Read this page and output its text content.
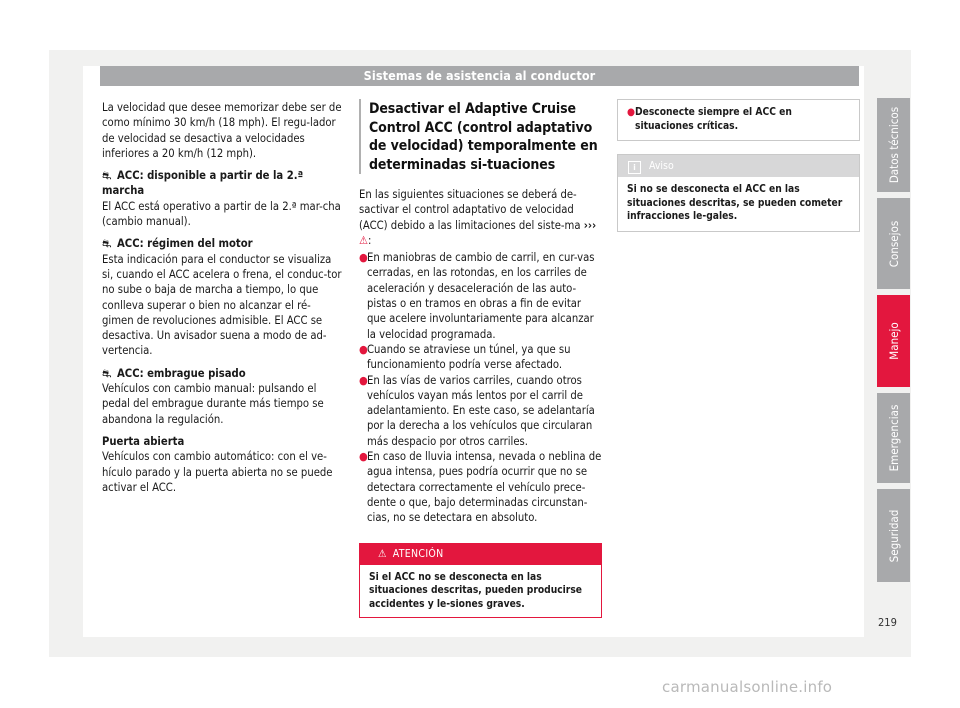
Sistemas de asistencia al conductor

La velocidad que desee memorizar debe ser de como mínimo 30 km/h (18 mph). El regu-lador de velocidad se desactiva a velocidades inferiores a 20 km/h (12 mph).

⛐ ACC: disponible a partir de la 2.ª marcha

El ACC está operativo a partir de la 2.ª mar-cha (cambio manual).

⛐ ACC: régimen del motor

Esta indicación para el conductor se visualiza si, cuando el ACC acelera o frena, el conduc-tor no sube o baja de marcha a tiempo, lo que conlleva superar o bien no alcanzar el ré-gimen de revoluciones admisible. El ACC se desactiva. Un avisador suena a modo de ad-vertencia.

⛐ ACC: embrague pisado

Vehículos con cambio manual: pulsando el pedal del embrague durante más tiempo se abandona la regulación.

Puerta abierta

Vehículos con cambio automático: con el ve-hículo parado y la puerta abierta no se puede activar el ACC.

Desactivar el Adaptive Cruise Control ACC (control adaptativo de velocidad) temporalmente en determinadas si-tuaciones

En las siguientes situaciones se deberá de-sactivar el control adaptativo de velocidad (ACC) debido a las limitaciones del siste-ma ››› ⚠:

●En maniobras de cambio de carril, en cur-vas cerradas, en las rotondas, en los carriles de aceleración y desaceleración de las auto-pistas o en tramos en obras a fin de evitar que acelere involuntariamente para alcanzar la velocidad programada.

●Cuando se atraviese un túnel, ya que su funcionamiento podría verse afectado.

●En las vías de varios carriles, cuando otros vehículos vayan más lentos por el carril de adelantamiento. En este caso, se adelantaría por la derecha a los vehículos que circularan más despacio por otros carriles.

●En caso de lluvia intensa, nevada o neblina de agua intensa, pues podría ocurrir que no se detectara correctamente el vehículo prece-dente o que, bajo determinadas circunstan-cias, no se detectara en absoluto.

⚠ ATENCIÓN
Si el ACC no se desconecta en las situaciones descritas, pueden producirse accidentes y le-siones graves.
●Desconecte siempre el ACC en situaciones críticas.
i Aviso
Si no se desconecta el ACC en las situaciones descritas, se pueden cometer infracciones le-gales.
Datos técnicos
Consejos
Manejo
Emergencias
Seguridad
219
carmanualsonline.info
